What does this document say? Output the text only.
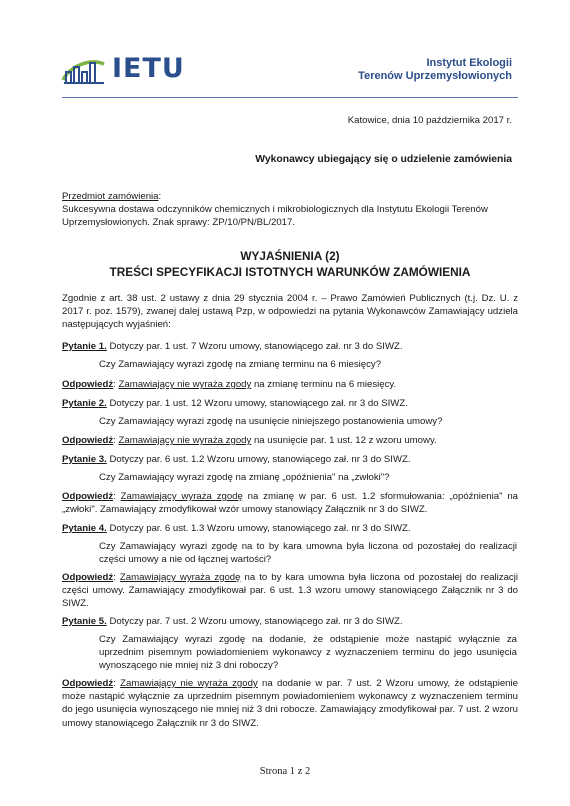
IETU	Instytut Ekologii
Terenów Uprzemysłowionych
Katowice, dnia 10 października 2017 r.
Wykonawcy ubiegający się o udzielenie zamówienia
Przedmiot zamówienia:
Sukcesywna dostawa odczynników chemicznych i mikrobiologicznych dla Instytutu Ekologii Terenów Uprzemysłowionych. Znak sprawy: ZP/10/PN/BL/2017.
WYJAŚNIENIA (2)
TREŚCI SPECYFIKACJI ISTOTNYCH WARUNKÓW ZAMÓWIENIA
Zgodnie z art. 38 ust. 2 ustawy z dnia 29 stycznia 2004 r. – Prawo Zamówień Publicznych (t.j. Dz. U. z 2017 r. poz. 1579), zwanej dalej ustawą Pzp, w odpowiedzi na pytania Wykonawców Zamawiający udziela następujących wyjaśnień:
Pytanie 1. Dotyczy par. 1 ust. 7 Wzoru umowy, stanowiącego zał. nr 3 do SIWZ.
Czy Zamawiający wyrazi zgodę na zmianę terminu na 6 miesięcy?
Odpowiedź: Zamawiający nie wyraża zgody na zmianę terminu na 6 miesięcy.
Pytanie 2. Dotyczy par. 1 ust. 12 Wzoru umowy, stanowiącego zał. nr 3 do SIWZ.
Czy Zamawiający wyrazi zgodę na usunięcie niniejszego postanowienia umowy?
Odpowiedź: Zamawiający nie wyraża zgody na usunięcie par. 1 ust. 12 z wzoru umowy.
Pytanie 3. Dotyczy par. 6 ust. 1.2 Wzoru umowy, stanowiącego zał. nr 3 do SIWZ.
Czy Zamawiający wyrazi zgodę na zmianę „opóźnienia" na „zwłoki"?
Odpowiedź: Zamawiający wyraża zgodę na zmianę w par. 6 ust. 1.2 sformułowania: „opóźnienia" na „zwłoki". Zamawiający zmodyfikował wzór umowy stanowiący Załącznik nr 3 do SIWZ.
Pytanie 4. Dotyczy par. 6 ust. 1.3 Wzoru umowy, stanowiącego zał. nr 3 do SIWZ.
Czy Zamawiający wyrazi zgodę na to by kara umowna była liczona od pozostałej do realizacji części umowy a nie od łącznej wartości?
Odpowiedź: Zamawiający wyraża zgodę na to by kara umowna była liczona od pozostałej do realizacji części umowy. Zamawiający zmodyfikował par. 6 ust. 1.3 wzoru umowy stanowiącego Załącznik nr 3 do SIWZ.
Pytanie 5. Dotyczy par. 7 ust. 2 Wzoru umowy, stanowiącego zał. nr 3 do SIWZ.
Czy Zamawiający wyrazi zgodę na dodanie, że odstąpienie może nastąpić wyłącznie za uprzednim pisemnym powiadomieniem wykonawcy z wyznaczeniem terminu do jego usunięcia wynoszącego nie mniej niż 3 dni roboczy?
Odpowiedź: Zamawiający nie wyraża zgody na dodanie w par. 7 ust. 2 Wzoru umowy, że odstąpienie może nastąpić wyłącznie za uprzednim pisemnym powiadomieniem wykonawcy z wyznaczeniem terminu do jego usunięcia wynoszącego nie mniej niż 3 dni robocze. Zamawiający zmodyfikował par. 7 ust. 2 wzoru umowy stanowiącego Załącznik nr 3 do SIWZ.
Strona 1 z 2
